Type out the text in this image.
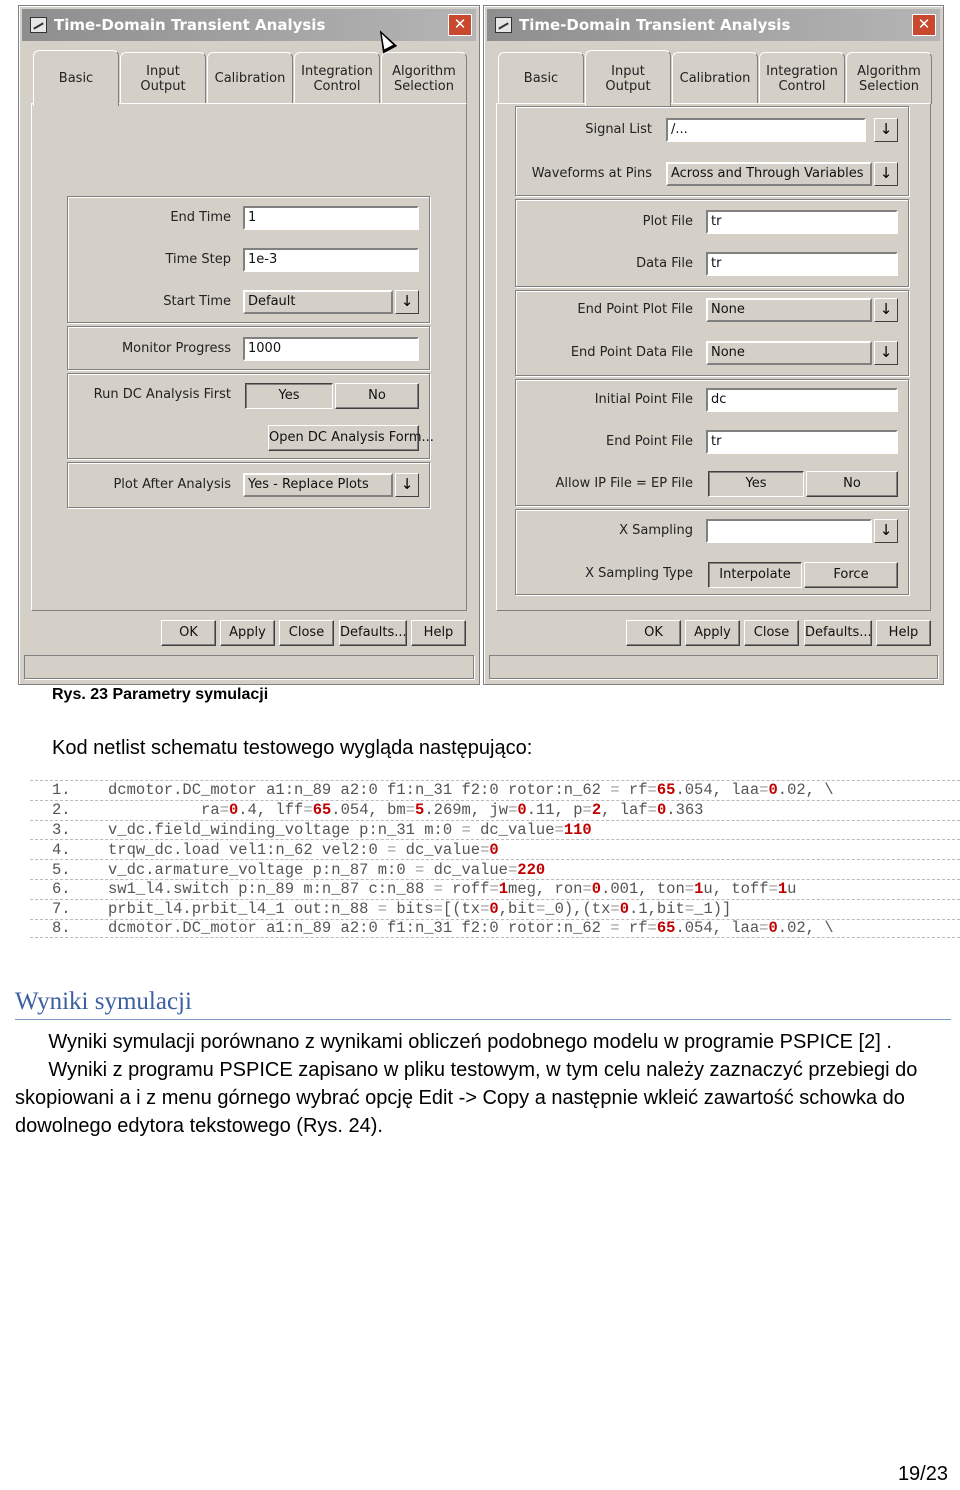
Time-Domain Transient Analysis	✕
Basic	Input
Output Calibration Integration
Control
Algorithm
Selection
End Time	1
Time Step	1e-3
Start Time	Default	↓
Monitor Progress	1000
Run DC Analysis First	Yes	No
Open DC Analysis Form...
Plot After Analysis	Yes - Replace Plots	↓
OK	Apply	Close	Defaults...	Help
Time-Domain Transient Analysis	✕
Basic	Input
Output Calibration Integration
Control
Algorithm
Selection
Signal List	/...	↓
Waveforms at Pins	Across and Through Variables	↓
Plot File	tr
Data File	tr
End Point Plot File	None	↓
End Point Data File	None	↓
Initial Point File	dc
End Point File	tr
Allow IP File = EP File	Yes	No
X Sampling	↓
X Sampling Type	Interpolate	Force
OK	Apply	Close	Defaults...	Help
Rys. 23 Parametry symulacji
Kod netlist schematu testowego wygląda następująco:
1.	dcmotor.DC_motor a1:n_89 a2:0 f1:n_31 f2:0 rotor:n_62 = rf=65.054, laa=0.02, \
2.	ra=0.4, lff=65.054, bm=5.269m, jw=0.11, p=2, laf=0.363
3.	v_dc.field_winding_voltage p:n_31 m:0 = dc_value=110
4.	trqw_dc.load vel1:n_62 vel2:0 = dc_value=0
5.	v_dc.armature_voltage p:n_87 m:0 = dc_value=220
6.	sw1_l4.switch p:n_89 m:n_87 c:n_88 = roff=1meg, ron=0.001, ton=1u, toff=1u
7.	prbit_l4.prbit_l4_1 out:n_88 = bits=[(tx=0,bit=_0),(tx=0.1,bit=_1)]
8.	dcmotor.DC_motor a1:n_89 a2:0 f1:n_31 f2:0 rotor:n_62 = rf=65.054, laa=0.02, \
Wyniki symulacji
Wyniki symulacji porównano z wynikami obliczeń podobnego modelu w programie PSPICE [2] .
Wyniki z programu PSPICE zapisano w pliku testowym, w tym celu należy zaznaczyć przebiegi do
skopiowani a i z menu górnego wybrać opcję Edit -> Copy a następnie wkleić zawartość schowka do
dowolnego edytora tekstowego (Rys. 24).
19/23
